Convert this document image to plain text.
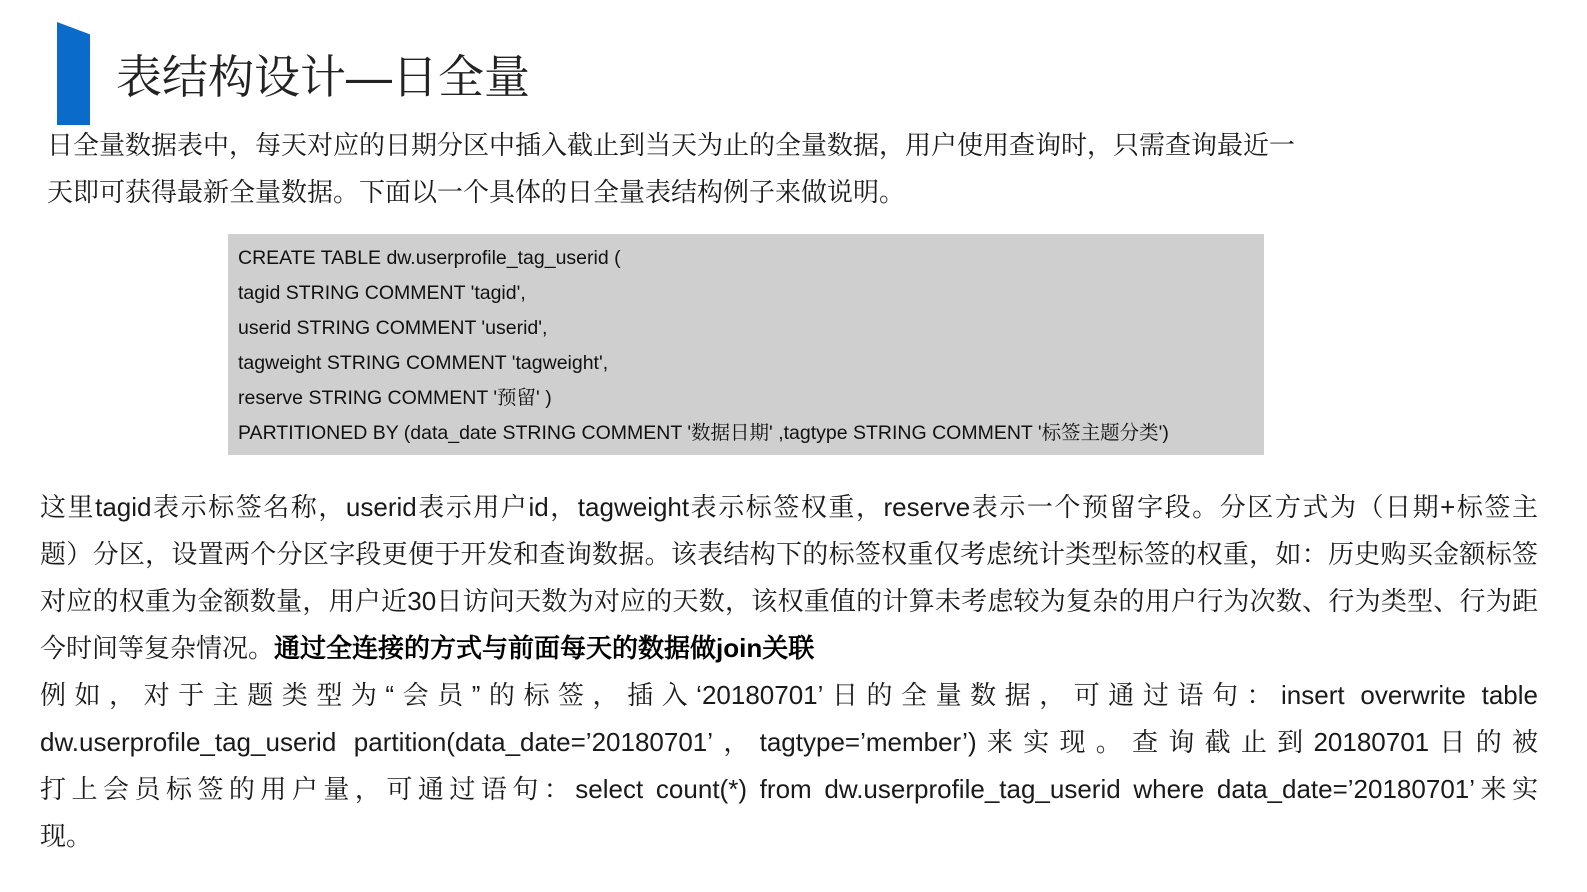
表结构设计—日全量
日全量数据表中，每天对应的日期分区中插入截止到当天为止的全量数据，用户使用查询时，只需查询最近一
天即可获得最新全量数据。下面以一个具体的日全量表结构例子来做说明。
CREATE TABLE dw.userprofile_tag_userid (
tagid STRING COMMENT 'tagid',
userid STRING COMMENT 'userid',
tagweight STRING COMMENT 'tagweight',
reserve STRING COMMENT '预留' )
PARTITIONED BY (data_date STRING COMMENT '数据日期' ,tagtype STRING COMMENT '标签主题分类')
这里tagid表示标签名称，userid表示用户id，tagweight表示标签权重，reserve表示一个预留字段。分区方式为（日期+标签主
题）分区，设置两个分区字段更便于开发和查询数据。该表结构下的标签权重仅考虑统计类型标签的权重，如：历史购买金额标签
对应的权重为金额数量，用户近30日访问天数为对应的天数，该权重值的计算未考虑较为复杂的用户行为次数、行为类型、行为距
今时间等复杂情况。通过全连接的方式与前面每天的数据做join关联
例如，对于主题类型为“会员”的标签，插入‘20180701’日的全量数据，可通过语句：insert overwrite table
dw.userprofile_tag_userid partition(data_date=’20180701’，tagtype=’member’)来实现。查询截止到20180701日的被
打上会员标签的用户量，可通过语句：select count(*) from dw.userprofile_tag_userid where data_date=’20180701’来实
现。
